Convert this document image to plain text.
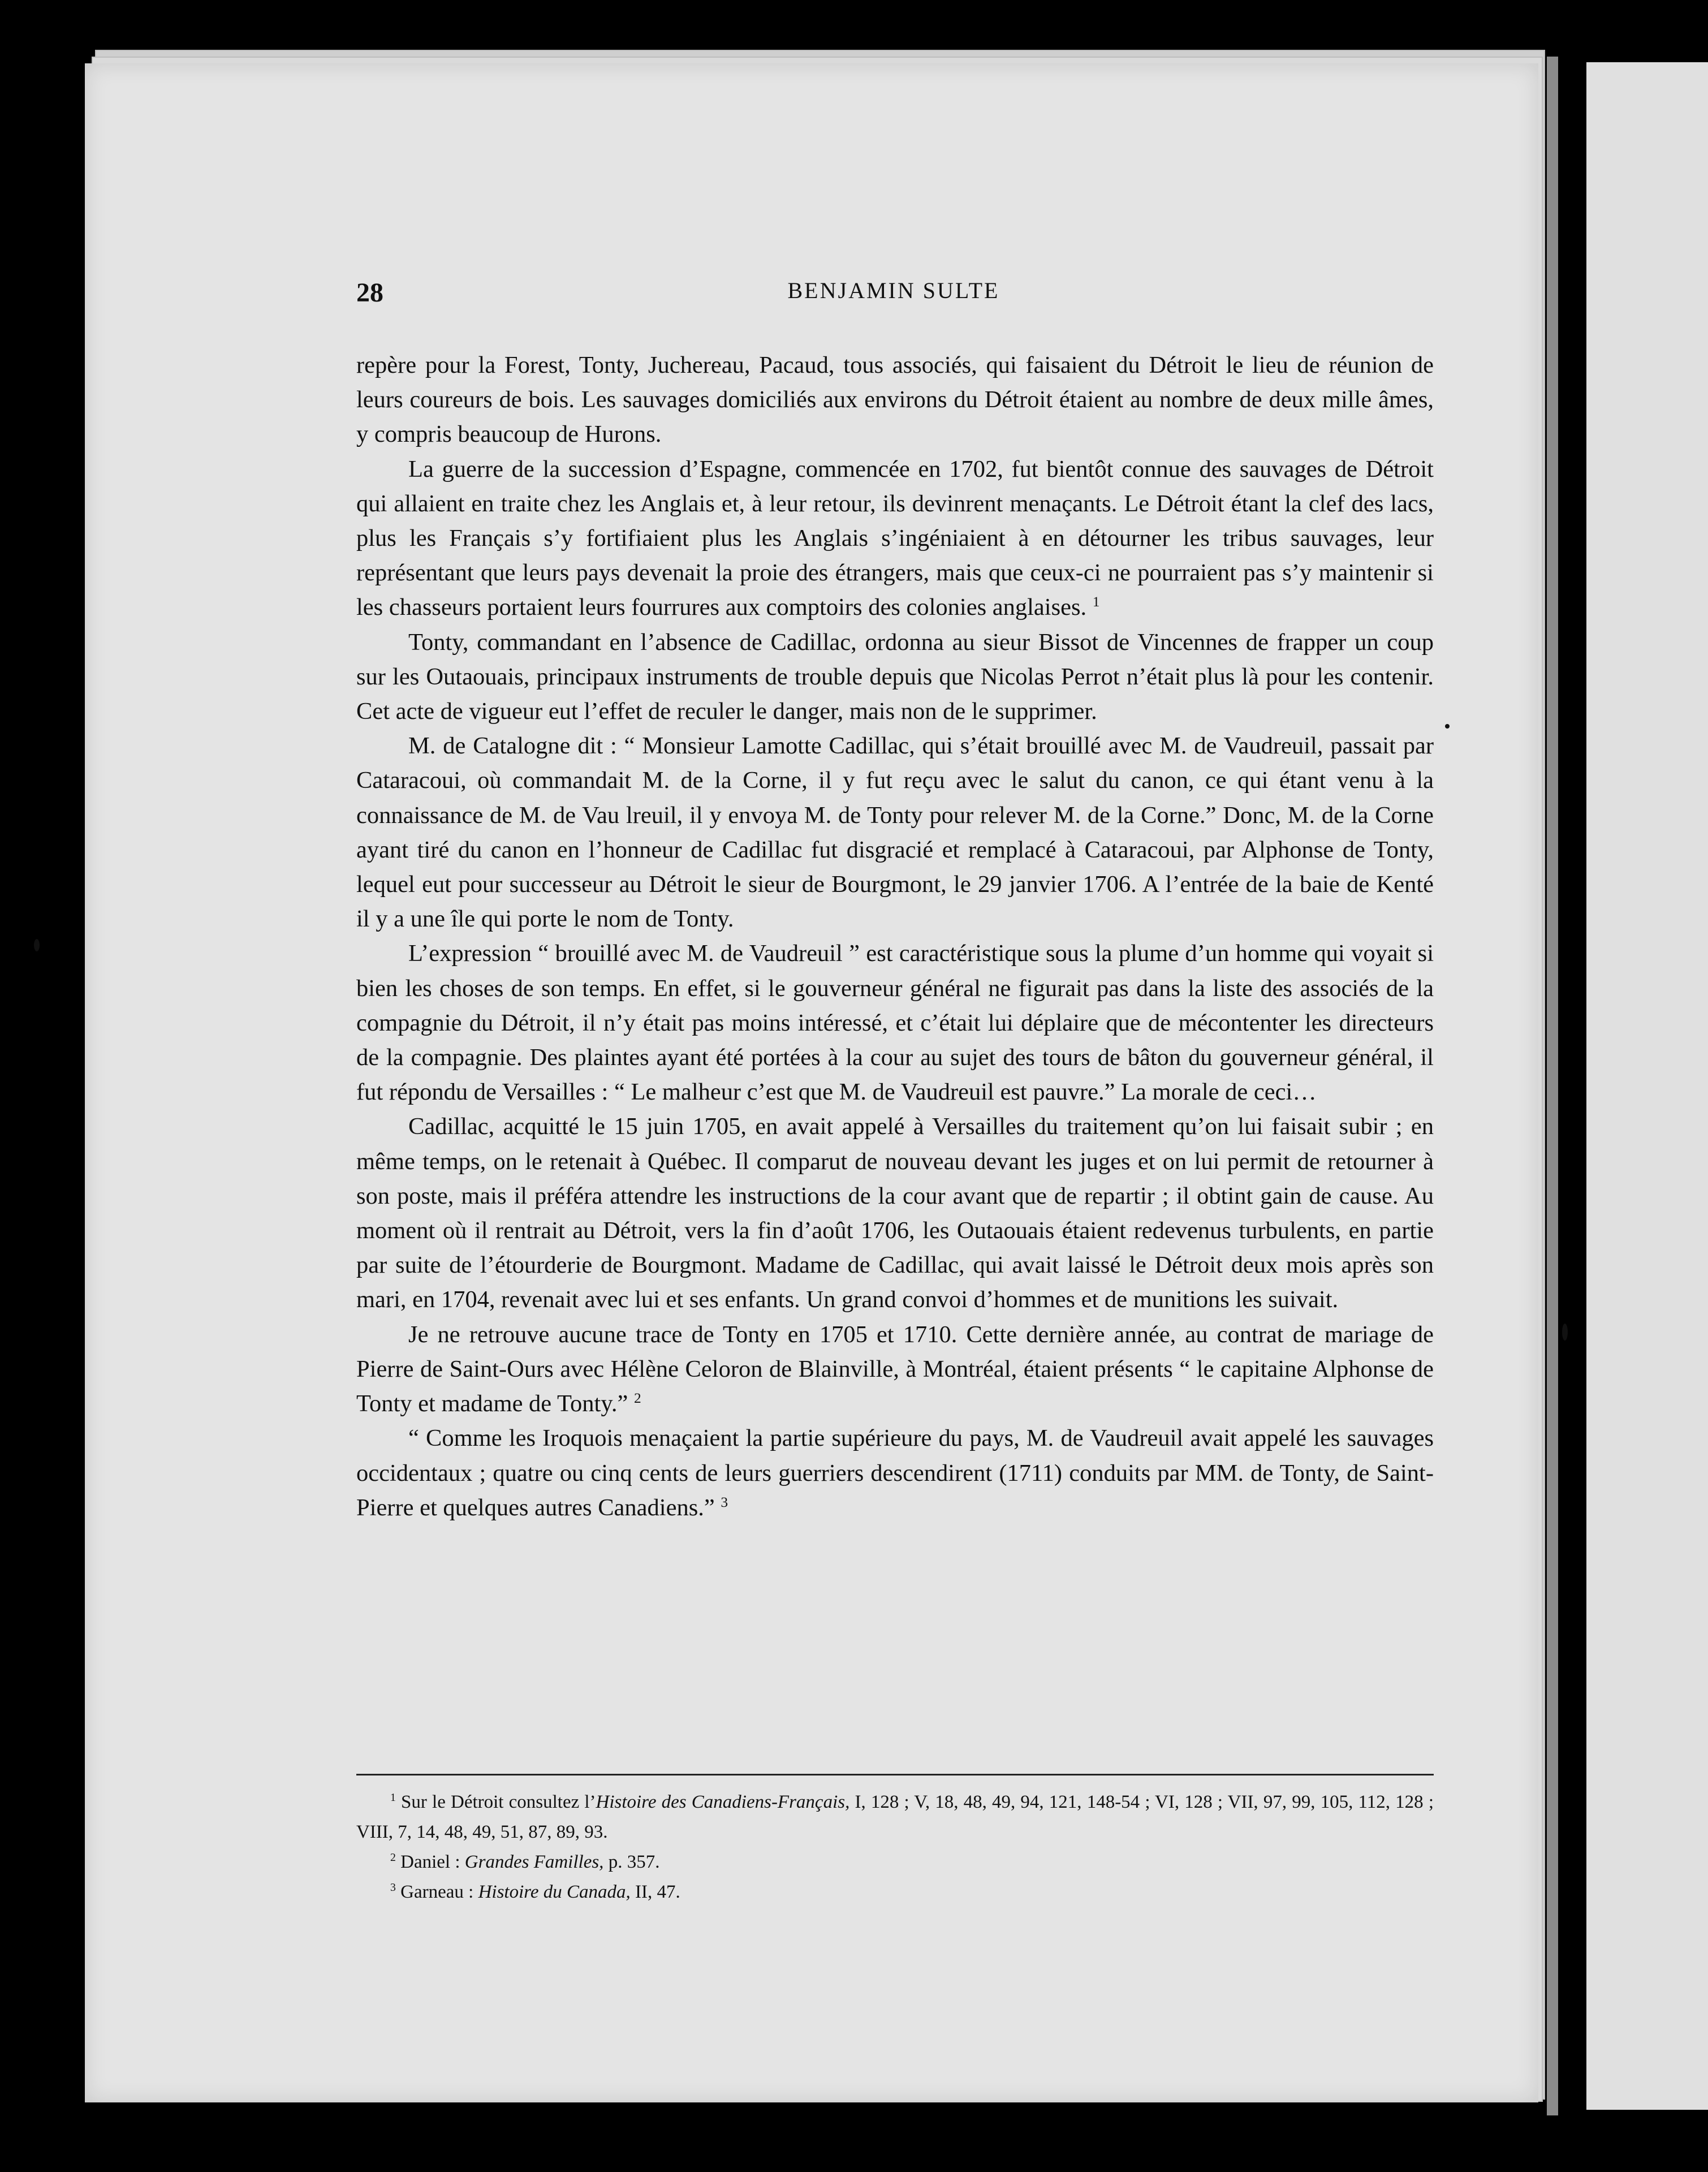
28	BENJAMIN SULTE

repère pour la Forest, Tonty, Juchereau, Pacaud, tous associés, qui faisaient du Détroit le lieu de réunion de leurs coureurs de bois. Les sauvages domiciliés aux environs du Détroit étaient au nombre de deux mille âmes, y compris beaucoup de Hurons.

La guerre de la succession d’Espagne, commencée en 1702, fut bientôt connue des sauvages de Détroit qui allaient en traite chez les Anglais et, à leur retour, ils devinrent menaçants. Le Détroit étant la clef des lacs, plus les Français s’y fortifiaient plus les Anglais s’ingéniaient à en détourner les tribus sauvages, leur représentant que leurs pays devenait la proie des étrangers, mais que ceux-ci ne pourraient pas s’y maintenir si les chasseurs portaient leurs fourrures aux comptoirs des colonies anglaises. $^1$

Tonty, commandant en l’absence de Cadillac, ordonna au sieur Bissot de Vincennes de frapper un coup sur les Outaouais, principaux instruments de trouble depuis que Nicolas Perrot n’était plus là pour les contenir. Cet acte de vigueur eut l’effet de reculer le danger, mais non de le supprimer.

M. de Catalogne dit : “ Monsieur Lamotte Cadillac, qui s’était brouillé avec M. de Vaudreuil, passait par Cataracoui, où commandait M. de la Corne, il y fut reçu avec le salut du canon, ce qui étant venu à la connaissance de M. de Vau lreuil, il y envoya M. de Tonty pour relever M. de la Corne.” Donc, M. de la Corne ayant tiré du canon en l’honneur de Cadillac fut disgracié et remplacé à Cataracoui, par Alphonse de Tonty, lequel eut pour successeur au Détroit le sieur de Bourgmont, le 29 janvier 1706. A l’entrée de la baie de Kenté il y a une île qui porte le nom de Tonty.

L’expression “ brouillé avec M. de Vaudreuil ” est caractéristique sous la plume d’un homme qui voyait si bien les choses de son temps. En effet, si le gouverneur général ne figurait pas dans la liste des associés de la compagnie du Détroit, il n’y était pas moins intéressé, et c’était lui déplaire que de mécontenter les directeurs de la compagnie. Des plaintes ayant été portées à la cour au sujet des tours de bâton du gouverneur général, il fut répondu de Versailles : “ Le malheur c’est que M. de Vaudreuil est pauvre.” La morale de ceci…

Cadillac, acquitté le 15 juin 1705, en avait appelé à Versailles du traitement qu’on lui faisait subir ; en même temps, on le retenait à Québec. Il comparut de nouveau devant les juges et on lui permit de retourner à son poste, mais il préféra attendre les instructions de la cour avant que de repartir ; il obtint gain de cause. Au moment où il rentrait au Détroit, vers la fin d’août 1706, les Outaouais étaient redevenus turbulents, en partie par suite de l’étourderie de Bourgmont. Madame de Cadillac, qui avait laissé le Détroit deux mois après son mari, en 1704, revenait avec lui et ses enfants. Un grand convoi d’hommes et de munitions les suivait.

Je ne retrouve aucune trace de Tonty en 1705 et 1710. Cette dernière année, au contrat de mariage de Pierre de Saint-Ours avec Hélène Celoron de Blainville, à Montréal, étaient présents “ le capitaine Alphonse de Tonty et madame de Tonty.” $^2$

“ Comme les Iroquois menaçaient la partie supérieure du pays, M. de Vaudreuil avait appelé les sauvages occidentaux ; quatre ou cinq cents de leurs guerriers descendirent (1711) conduits par MM. de Tonty, de Saint-Pierre et quelques autres Canadiens.” $^3$

$^1$ Sur le Détroit consultez l’Histoire des Canadiens-Français, I, 128 ; V, 18, 48, 49, 94, 121, 148-54 ; VI, 128 ; VII, 97, 99, 105, 112, 128 ; VIII, 7, 14, 48, 49, 51, 87, 89, 93.

$^2$ Daniel : Grandes Familles, p. 357.

$^3$ Garneau : Histoire du Canada, II, 47.
